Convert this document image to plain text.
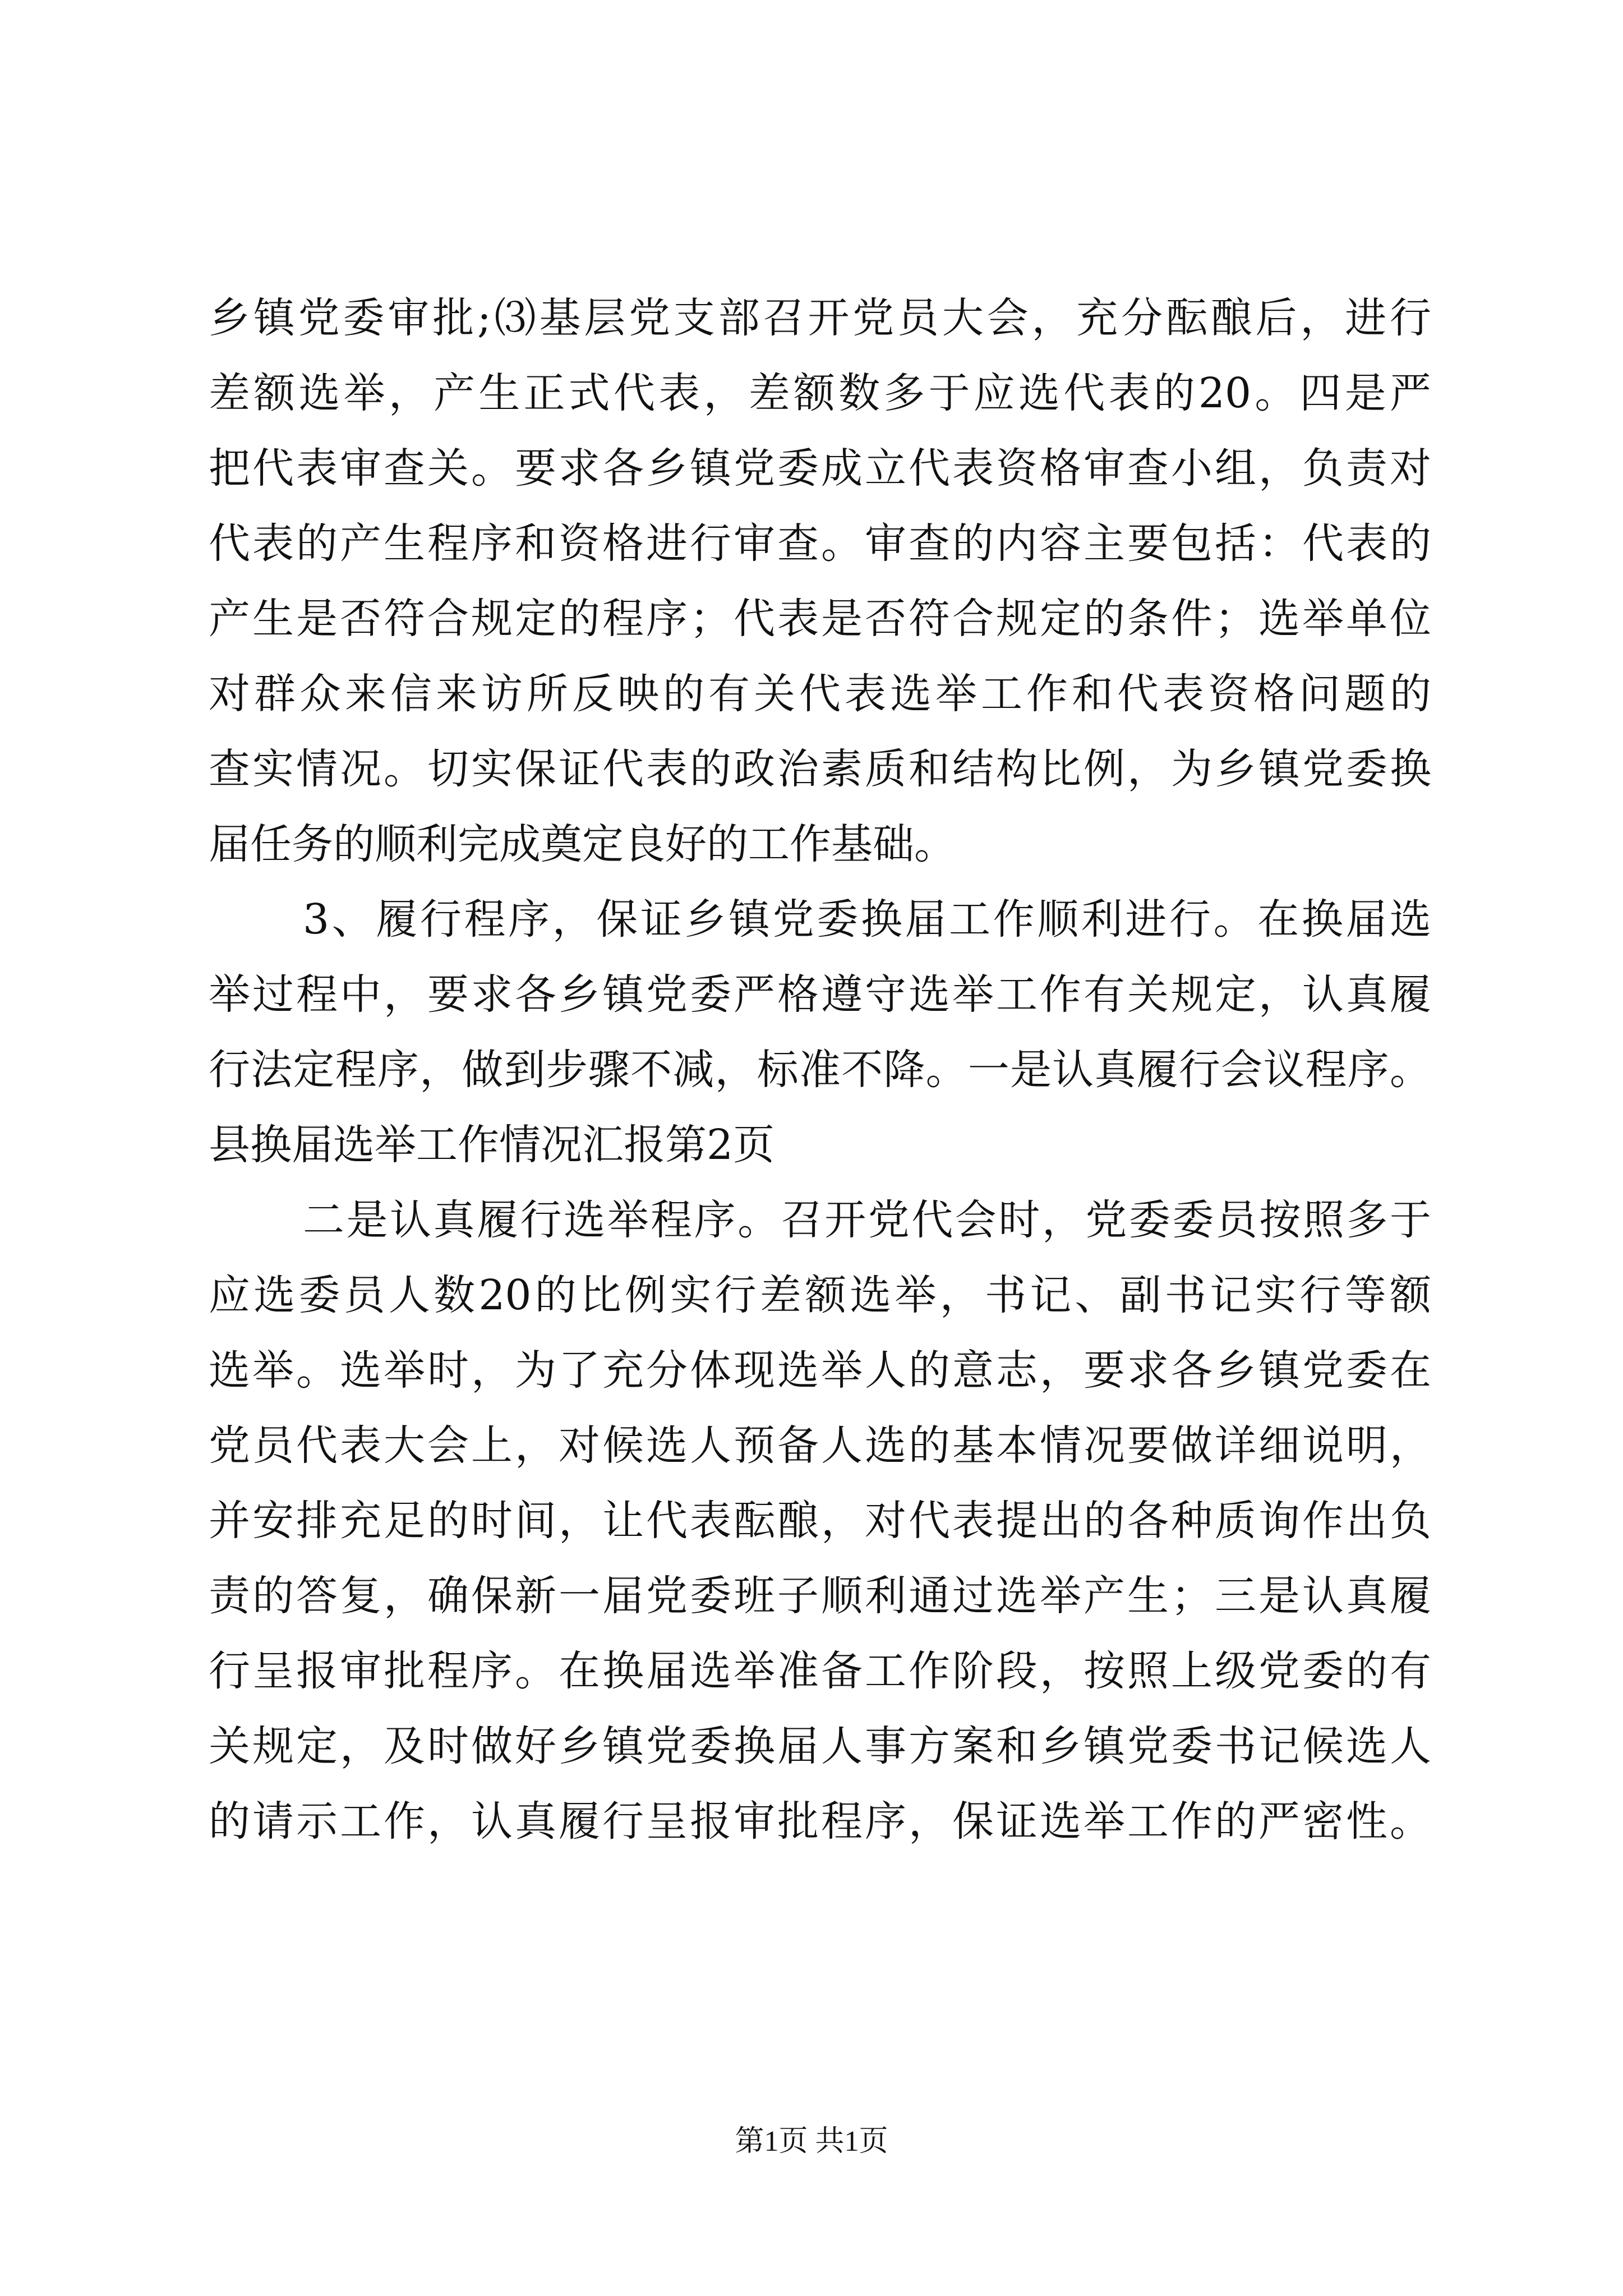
乡镇党委审批;⑶基层党支部召开党员大会，充分酝酿后，进行
差额选举，产生正式代表，差额数多于应选代表的20。四是严
把代表审查关。要求各乡镇党委成立代表资格审查小组，负责对
代表的产生程序和资格进行审查。审查的内容主要包括：代表的
产生是否符合规定的程序；代表是否符合规定的条件；选举单位
对群众来信来访所反映的有关代表选举工作和代表资格问题的
查实情况。切实保证代表的政治素质和结构比例，为乡镇党委换
届任务的顺利完成奠定良好的工作基础。
3、履行程序，保证乡镇党委换届工作顺利进行。在换届选
举过程中，要求各乡镇党委严格遵守选举工作有关规定，认真履
行法定程序，做到步骤不减，标准不降。一是认真履行会议程序。
县换届选举工作情况汇报第2页
二是认真履行选举程序。召开党代会时，党委委员按照多于
应选委员人数20的比例实行差额选举，书记、副书记实行等额
选举。选举时，为了充分体现选举人的意志，要求各乡镇党委在
党员代表大会上，对候选人预备人选的基本情况要做详细说明，
并安排充足的时间，让代表酝酿，对代表提出的各种质询作出负
责的答复，确保新一届党委班子顺利通过选举产生；三是认真履
行呈报审批程序。在换届选举准备工作阶段，按照上级党委的有
关规定，及时做好乡镇党委换届人事方案和乡镇党委书记候选人
的请示工作，认真履行呈报审批程序，保证选举工作的严密性。
第1页 共1页
